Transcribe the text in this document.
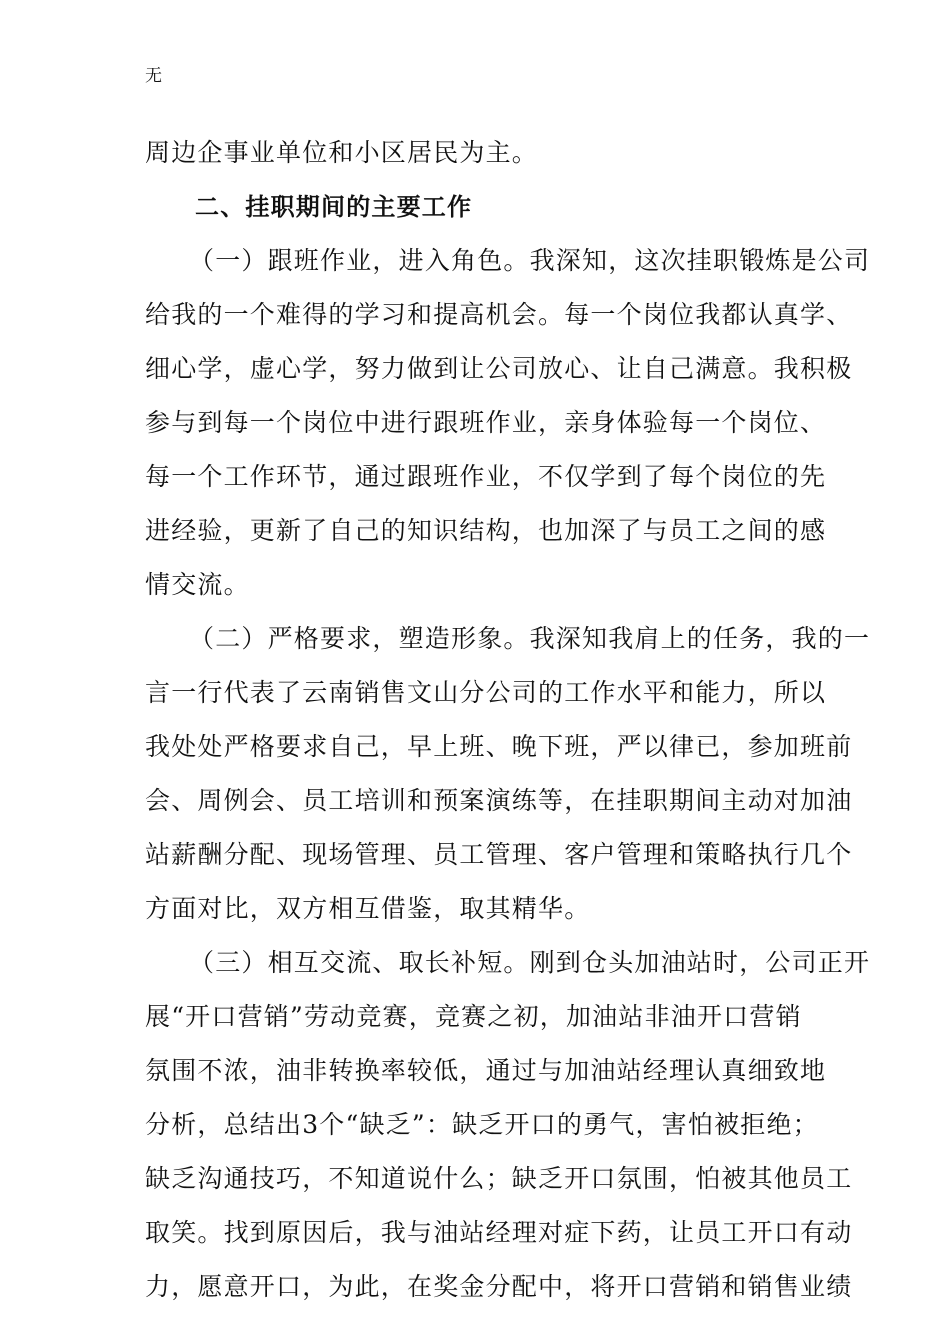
无
周边企事业单位和小区居民为主。
二、挂职期间的主要工作
（一）跟班作业，进入角色。我深知，这次挂职锻炼是公司
给我的一个难得的学习和提高机会。每一个岗位我都认真学、
细心学，虚心学，努力做到让公司放心、让自己满意。我积极
参与到每一个岗位中进行跟班作业，亲身体验每一个岗位、
每一个工作环节，通过跟班作业，不仅学到了每个岗位的先
进经验，更新了自己的知识结构，也加深了与员工之间的感
情交流。
（二）严格要求，塑造形象。我深知我肩上的任务，我的一
言一行代表了云南销售文山分公司的工作水平和能力，所以
我处处严格要求自己，早上班、晚下班，严以律已，参加班前
会、周例会、员工培训和预案演练等，在挂职期间主动对加油
站薪酬分配、现场管理、员工管理、客户管理和策略执行几个
方面对比，双方相互借鉴，取其精华。
（三）相互交流、取长补短。刚到仓头加油站时，公司正开
展“开口营销”劳动竞赛，竞赛之初，加油站非油开口营销
氛围不浓，油非转换率较低，通过与加油站经理认真细致地
分析，总结出3个“缺乏”：缺乏开口的勇气，害怕被拒绝；
缺乏沟通技巧，不知道说什么；缺乏开口氛围，怕被其他员工
取笑。找到原因后，我与油站经理对症下药，让员工开口有动
力，愿意开口，为此，在奖金分配中，将开口营销和销售业绩
